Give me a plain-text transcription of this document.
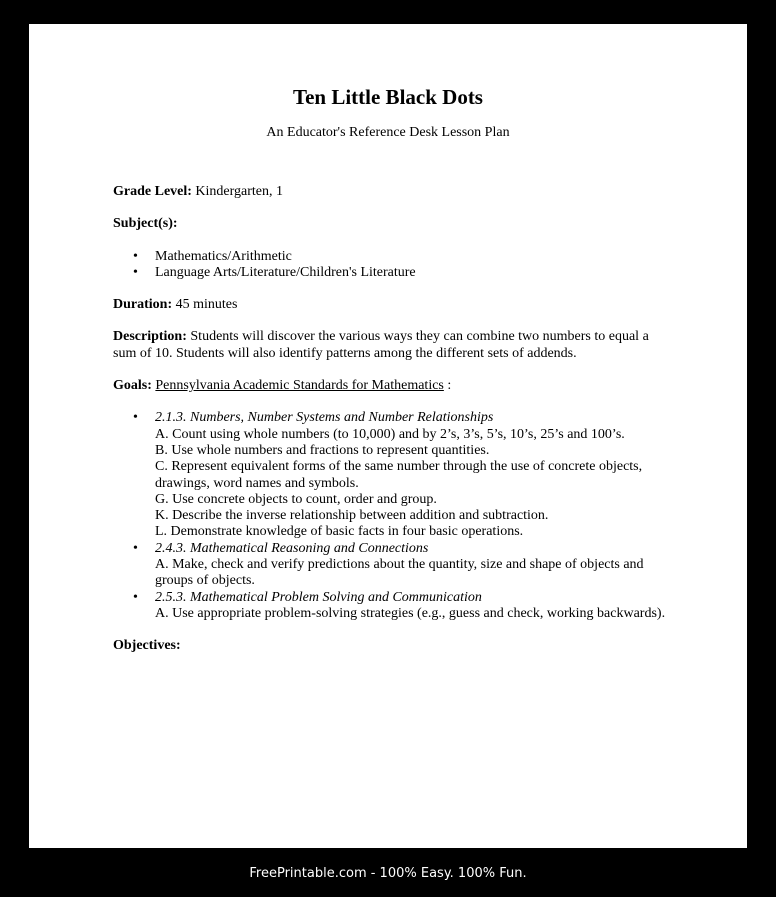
Ten Little Black Dots
An Educator's Reference Desk Lesson Plan

Grade Level: Kindergarten, 1

Subject(s):

• Mathematics/Arithmetic
• Language Arts/Literature/Children's Literature

Duration: 45 minutes

Description: Students will discover the various ways they can combine two numbers to equal a sum of 10. Students will also identify patterns among the different sets of addends.

Goals: Pennsylvania Academic Standards for Mathematics :

• 2.1.3. Numbers, Number Systems and Number Relationships
A. Count using whole numbers (to 10,000) and by 2’s, 3’s, 5’s, 10’s, 25’s and 100’s.
B. Use whole numbers and fractions to represent quantities.
C. Represent equivalent forms of the same number through the use of concrete objects, drawings, word names and symbols.
G. Use concrete objects to count, order and group.
K. Describe the inverse relationship between addition and subtraction.
L. Demonstrate knowledge of basic facts in four basic operations.
• 2.4.3. Mathematical Reasoning and Connections
A. Make, check and verify predictions about the quantity, size and shape of objects and groups of objects.
• 2.5.3. Mathematical Problem Solving and Communication
A. Use appropriate problem-solving strategies (e.g., guess and check, working backwards).

Objectives:

FreePrintable.com - 100% Easy. 100% Fun.
